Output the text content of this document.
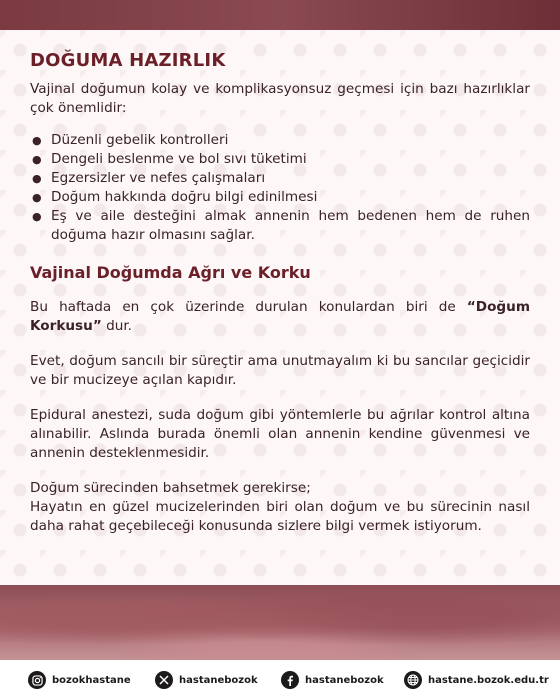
DOĞUMA HAZIRLIK

Vajinal doğumun kolay ve komplikasyonsuz geçmesi için bazı hazırlıklar çok önemlidir:

● Düzenli gebelik kontrolleri
● Dengeli beslenme ve bol sıvı tüketimi
● Egzersizler ve nefes çalışmaları
● Doğum hakkında doğru bilgi edinilmesi
● Eş ve aile desteğini almak annenin hem bedenen hem de ruhen doğuma hazır olmasını sağlar.
Vajinal Doğumda Ağrı ve Korku

Bu haftada en çok üzerinde durulan konulardan biri de “Doğum Korkusu” dur.

Evet, doğum sancılı bir süreçtir ama unutmayalım ki bu sancılar geçicidir ve bir mucizeye açılan kapıdır.

Epidural anestezi, suda doğum gibi yöntemlerle bu ağrılar kontrol altına alınabilir. Aslında burada önemli olan annenin kendine güvenmesi ve annenin desteklenmesidir.

Doğum sürecinden bahsetmek gerekirse;

Hayatın en güzel mucizelerinden biri olan doğum ve bu sürecinin nasıl daha rahat geçebileceği konusunda sizlere bilgi vermek istiyorum.

bozokhastane	hastanebozok	hastanebozok	hastane.bozok.edu.tr
